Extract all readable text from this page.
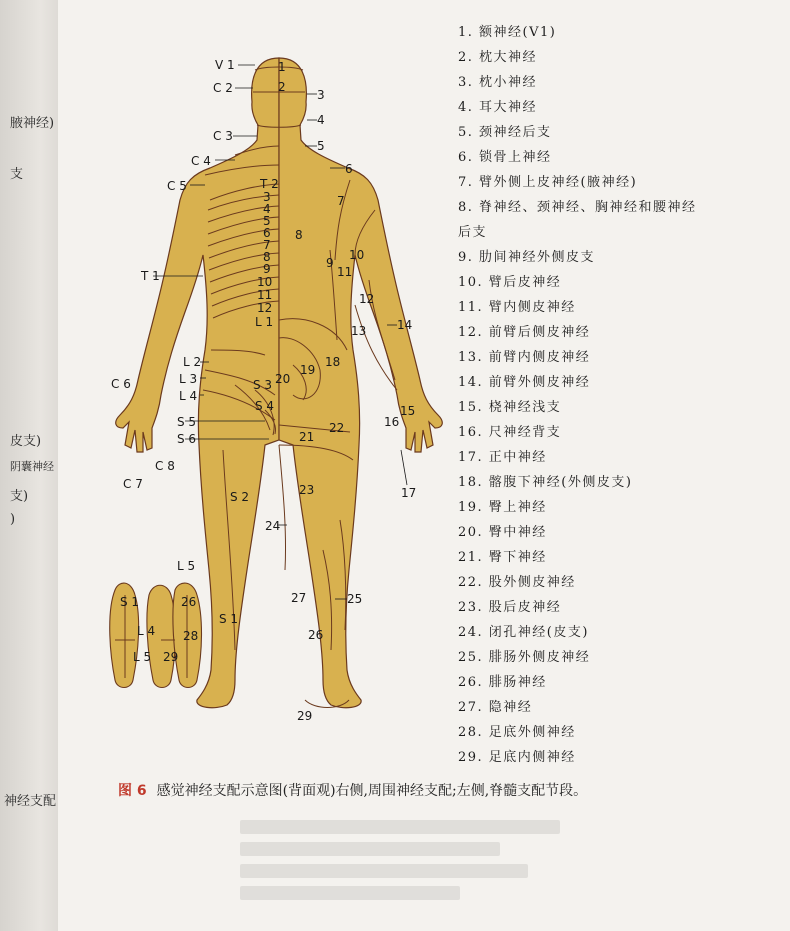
腋神经)
支
皮支)
阴囊神经
支)
)
神经支配
V 1
C 2
C 3
C 4
C 5
T 1
L 2
L 3
L 4
S 5
S 6
C 6
C 7
C 8
S 2
L 5
S 1
T 2
3
4
5
6
7
8
9
10
11
12
L 1
S 3
S 4
S 1
L 4
L 5 29
26
28
1
2
3
4
5
6
7
8
9
10
11
12
13	14
15
16
17
18
19
20
21
22
23
24
25
26
27
29
1. 额神经(V1)
2. 枕大神经
3. 枕小神经
4. 耳大神经
5. 颈神经后支
6. 锁骨上神经
7. 臂外侧上皮神经(腋神经)
8. 脊神经、颈神经、胸神经和腰神经后支
9. 肋间神经外侧皮支
10. 臂后皮神经
11. 臂内侧皮神经
12. 前臂后侧皮神经
13. 前臂内侧皮神经
14. 前臂外侧皮神经
15. 桡神经浅支
16. 尺神经背支
17. 正中神经
18. 髂腹下神经(外侧皮支)
19. 臀上神经
20. 臀中神经
21. 臀下神经
22. 股外侧皮神经
23. 股后皮神经
24. 闭孔神经(皮支)
25. 腓肠外侧皮神经
26. 腓肠神经
27. 隐神经
28. 足底外侧神经
29. 足底内侧神经
图 6 感觉神经支配示意图(背面观)右侧,周围神经支配;左侧,脊髓支配节段。
